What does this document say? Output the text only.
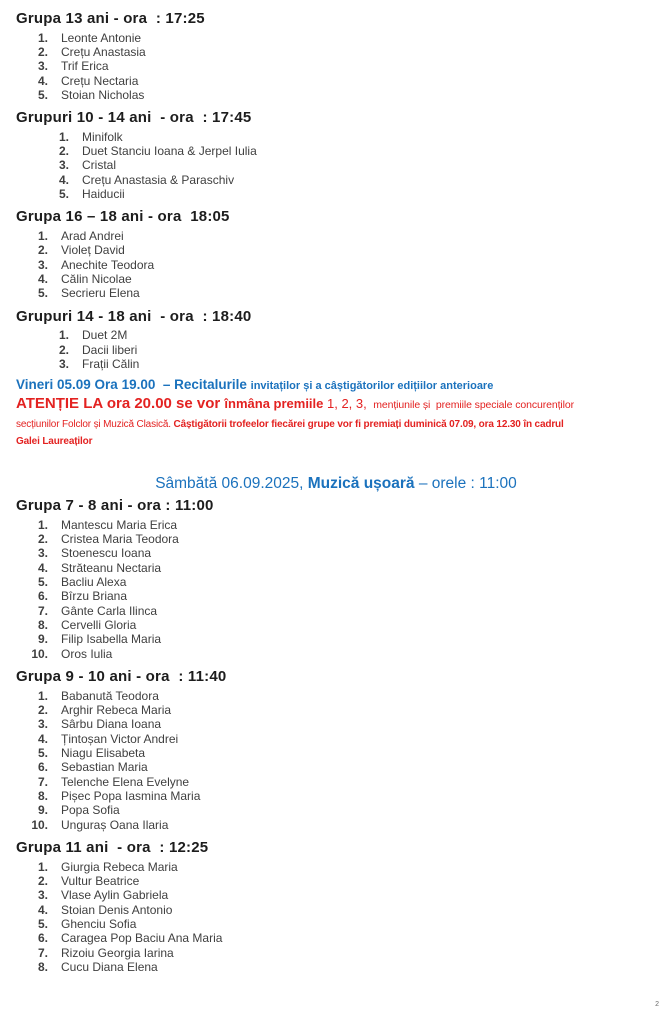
Grupa 13 ani - ora  : 17:25
1. Leonte Antonie
2. Crețu Anastasia
3. Trif Erica
4. Crețu Nectaria
5. Stoian Nicholas
Grupuri 10 - 14 ani  - ora  : 17:45
1. Minifolk
2. Duet Stanciu Ioana & Jerpel Iulia
3. Cristal
4. Crețu Anastasia & Paraschiv
5. Haiducii
Grupa 16 – 18 ani - ora  18:05
1. Arad Andrei
2. Violeț David
3. Anechite Teodora
4. Călin Nicolae
5. Secrieru Elena
Grupuri 14 - 18 ani  - ora  : 18:40
1. Duet 2M
2. Dacii liberi
3. Frații Călin

Vineri 05.09 Ora 19.00  – Recitalurile invitaților și a câștigătorilor edițiilor anterioare

ATENȚIE LA ora 20.00 se vor înmâna premiile 1, 2, 3,  mențiunile și  premiile speciale concurenților

secțiunilor Folclor și Muzică Clasică. Câștigătorii trofeelor fiecărei grupe vor fi premiați duminică 07.09, ora 12.30 în cadrul

Galei Laureaților

Sâmbătă 06.09.2025, Muzică ușoară – orele : 11:00
Grupa 7 - 8 ani - ora : 11:00
1. Mantescu Maria Erica
2. Cristea Maria Teodora
3. Stoenescu Ioana
4. Străteanu Nectaria
5. Bacliu Alexa
6. Bîrzu Briana
7. Gânte Carla Ilinca
8. Cervelli Gloria
9. Filip Isabella Maria
10. Oros Iulia
Grupa 9 - 10 ani - ora  : 11:40
1. Babanută Teodora
2. Arghir Rebeca Maria
3. Sârbu Diana Ioana
4. Țintoșan Victor Andrei
5. Niagu Elisabeta
6. Sebastian Maria
7. Telenche Elena Evelyne
8. Pișec Popa Iasmina Maria
9. Popa Sofia
10. Unguraș Oana Ilaria
Grupa 11 ani  - ora  : 12:25
1. Giurgia Rebeca Maria
2. Vultur Beatrice
3. Vlase Aylin Gabriela
4. Stoian Denis Antonio
5. Ghenciu Sofia
6. Caragea Pop Baciu Ana Maria
7. Rizoiu Georgia Iarina
8. Cucu Diana Elena
2
